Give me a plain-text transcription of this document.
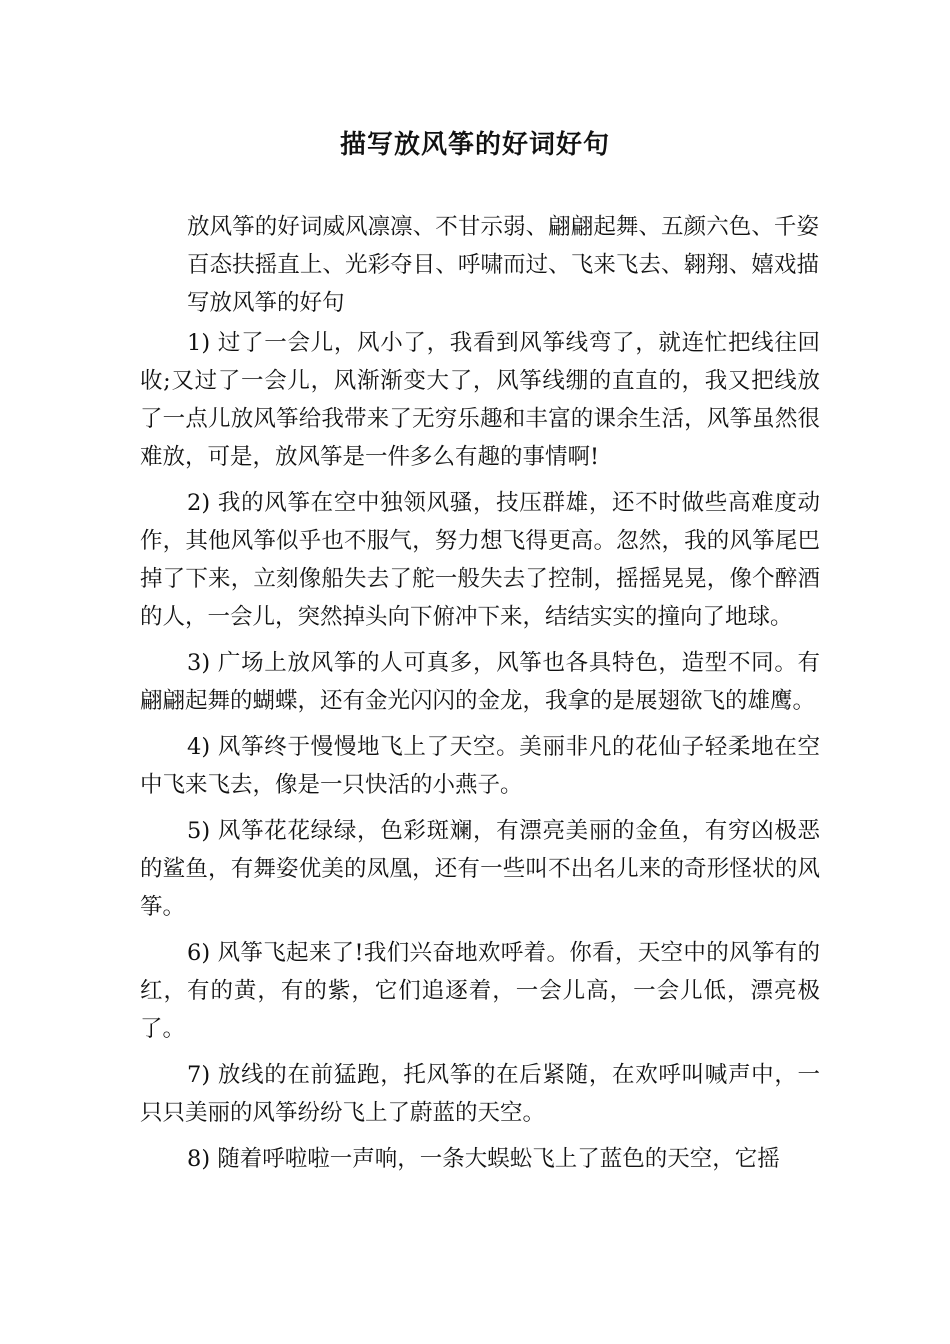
描写放风筝的好词好句

放风筝的好词威风凛凛、不甘示弱、翩翩起舞、五颜六色、千姿百态扶摇直上、光彩夺目、呼啸而过、飞来飞去、翱翔、嬉戏描写放风筝的好句

1) 过了一会儿，风小了，我看到风筝线弯了，就连忙把线往回收;又过了一会儿，风渐渐变大了，风筝线绷的直直的，我又把线放了一点儿放风筝给我带来了无穷乐趣和丰富的课余生活，风筝虽然很难放，可是，放风筝是一件多么有趣的事情啊!

2) 我的风筝在空中独领风骚，技压群雄，还不时做些高难度动作，其他风筝似乎也不服气，努力想飞得更高。忽然，我的风筝尾巴掉了下来，立刻像船失去了舵一般失去了控制，摇摇晃晃，像个醉酒的人，一会儿，突然掉头向下俯冲下来，结结实实的撞向了地球。

3) 广场上放风筝的人可真多，风筝也各具特色，造型不同。有翩翩起舞的蝴蝶，还有金光闪闪的金龙，我拿的是展翅欲飞的雄鹰。

4) 风筝终于慢慢地飞上了天空。美丽非凡的花仙子轻柔地在空中飞来飞去，像是一只快活的小燕子。

5) 风筝花花绿绿，色彩斑斓，有漂亮美丽的金鱼，有穷凶极恶的鲨鱼，有舞姿优美的凤凰，还有一些叫不出名儿来的奇形怪状的风筝。

6) 风筝飞起来了!我们兴奋地欢呼着。你看，天空中的风筝有的红，有的黄，有的紫，它们追逐着，一会儿高，一会儿低，漂亮极了。

7) 放线的在前猛跑，托风筝的在后紧随，在欢呼叫喊声中，一只只美丽的风筝纷纷飞上了蔚蓝的天空。

8) 随着呼啦啦一声响，一条大蜈蚣飞上了蓝色的天空，它摇
